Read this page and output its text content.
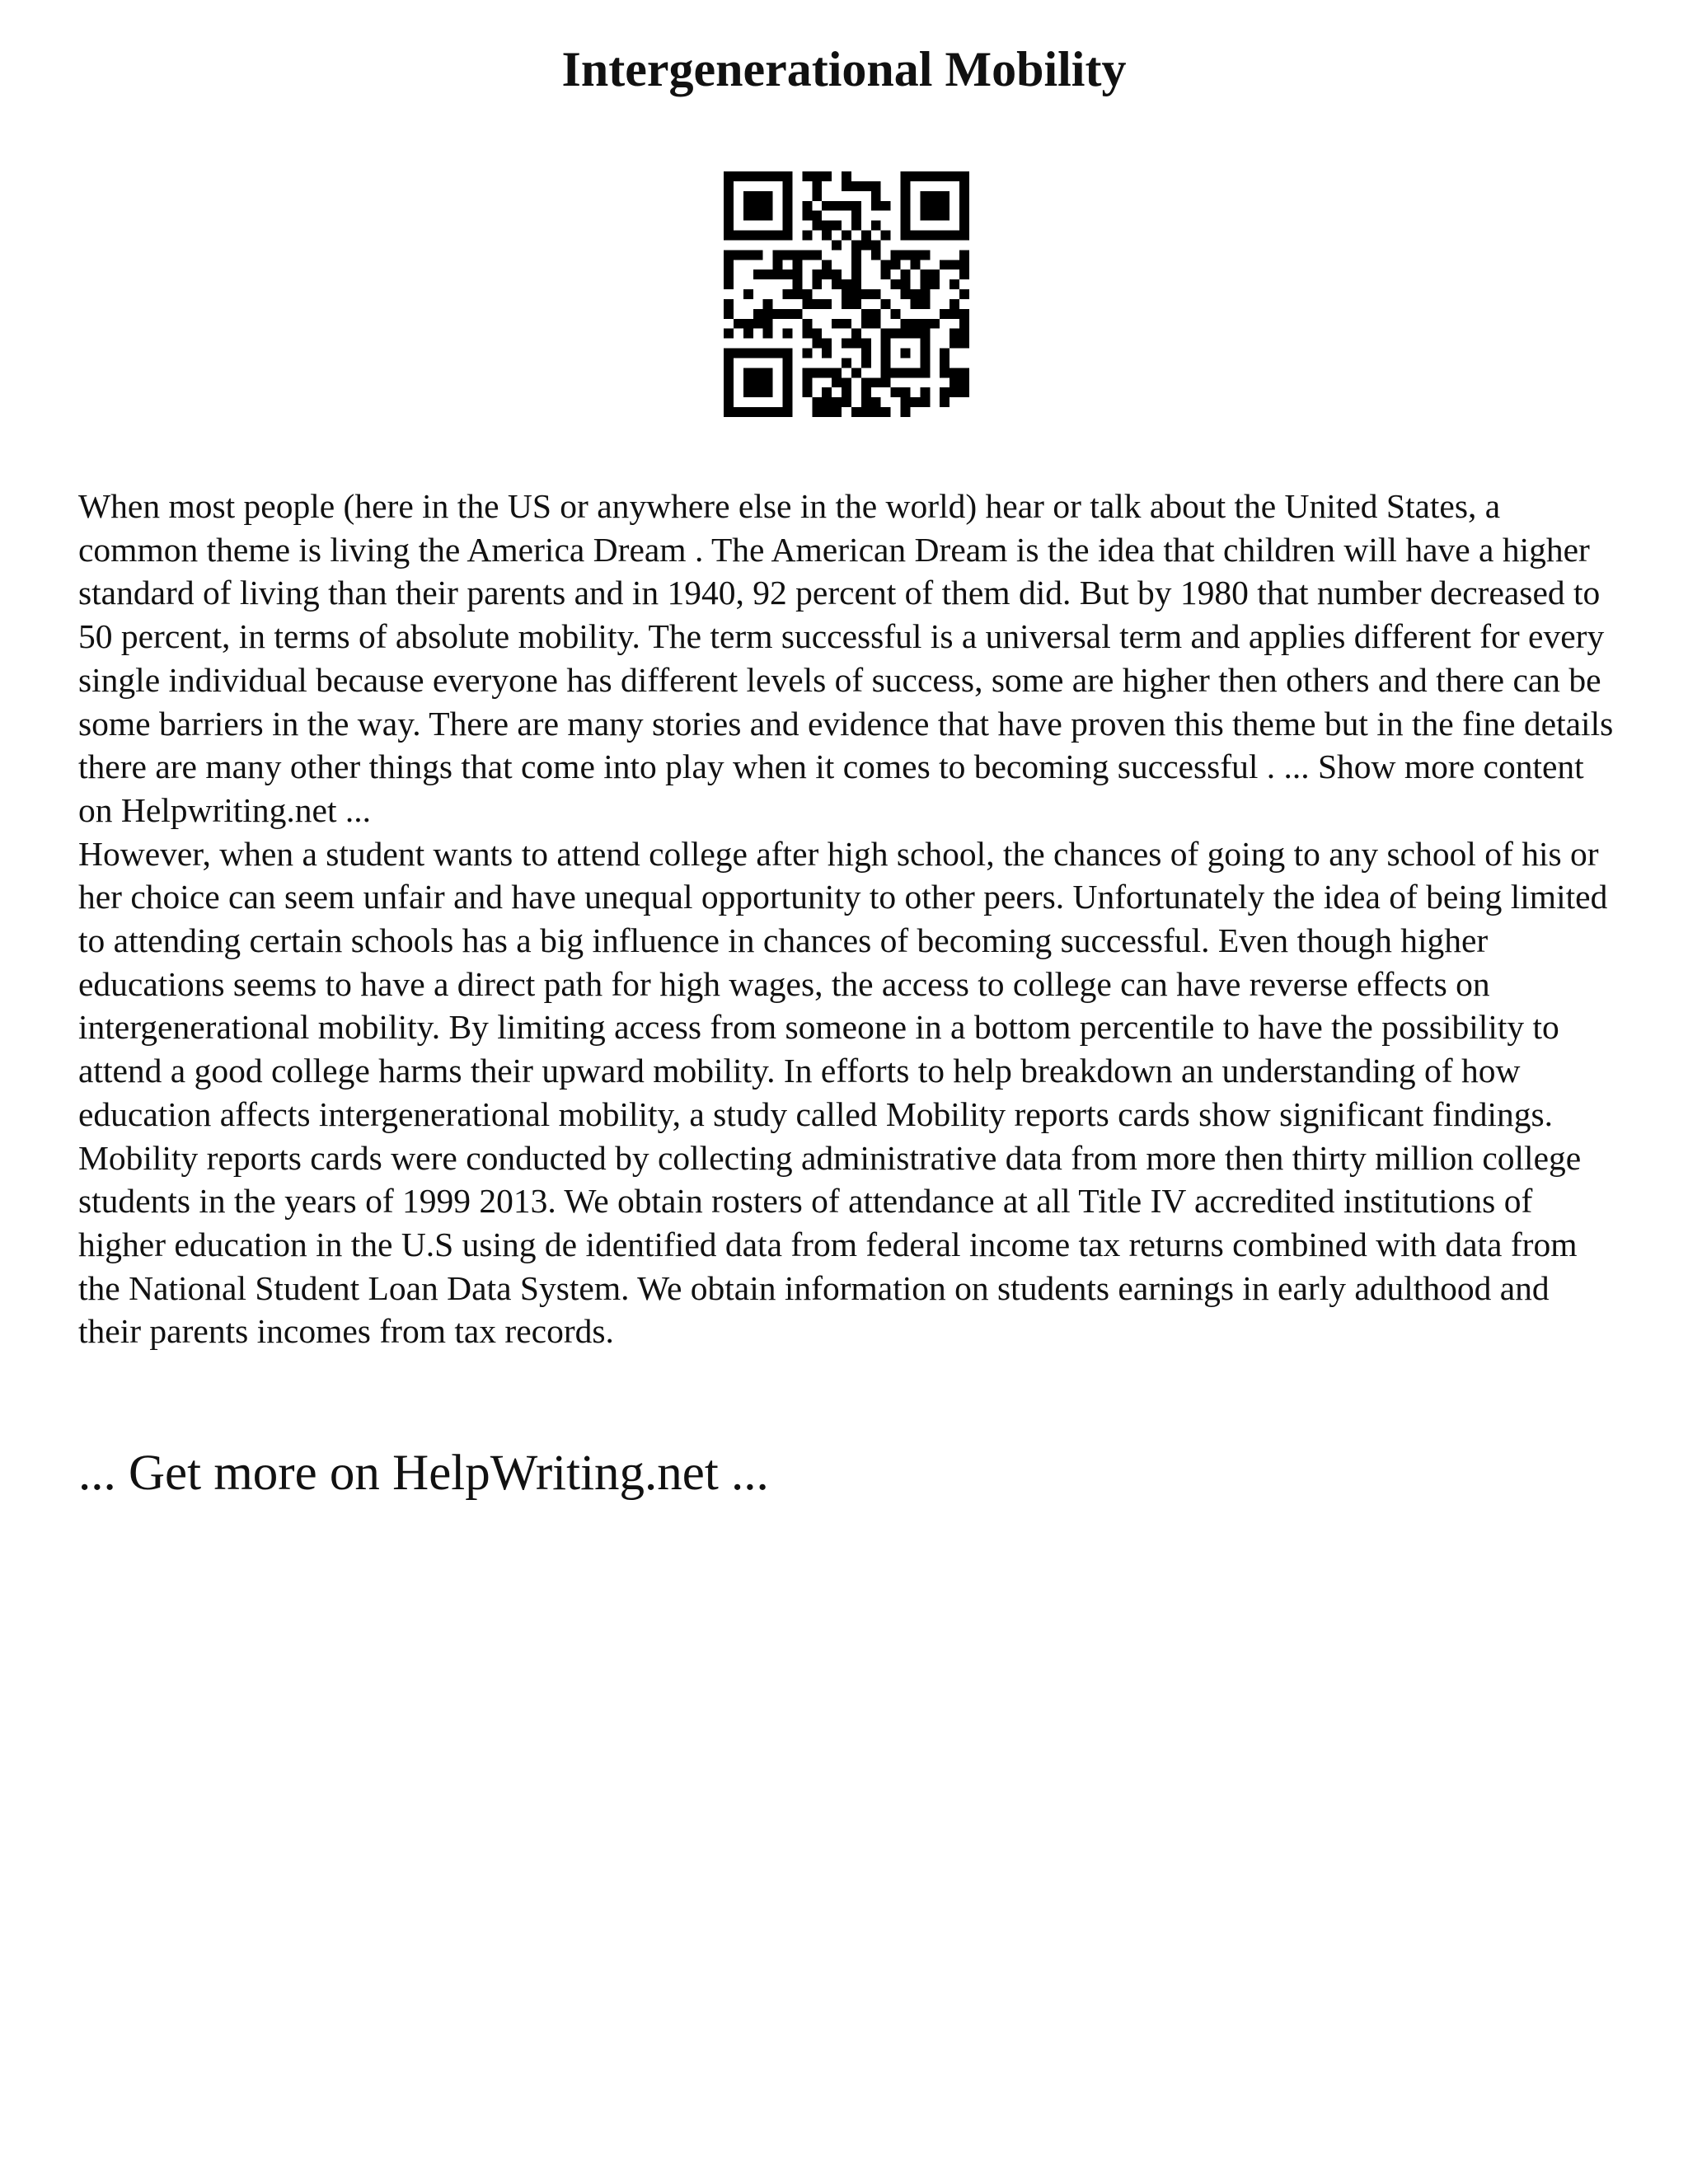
Intergenerational Mobility

When most people (here in the US or anywhere else in the world) hear or talk about the United States, a common theme is living the America Dream . The American Dream is the idea that children will have a higher standard of living than their parents and in 1940, 92 percent of them did. But by 1980 that number decreased to 50 percent, in terms of absolute mobility. The term successful is a universal term and applies different for every single individual because everyone has different levels of success, some are higher then others and there can be some barriers in the way. There are many stories and evidence that have proven this theme but in the fine details there are many other things that come into play when it comes to becoming successful . ... Show more content on Helpwriting.net ...

However, when a student wants to attend college after high school, the chances of going to any school of his or her choice can seem unfair and have unequal opportunity to other peers. Unfortunately the idea of being limited to attending certain schools has a big influence in chances of becoming successful. Even though higher educations seems to have a direct path for high wages, the access to college can have reverse effects on intergenerational mobility. By limiting access from someone in a bottom percentile to have the possibility to attend a good college harms their upward mobility. In efforts to help breakdown an understanding of how education affects intergenerational mobility, a study called Mobility reports cards show significant findings. Mobility reports cards were conducted by collecting administrative data from more then thirty million college students in the years of 1999 2013. We obtain rosters of attendance at all Title IV accredited institutions of higher education in the U.S using de identified data from federal income tax returns combined with data from the National Student Loan Data System. We obtain information on students earnings in early adulthood and their parents incomes from tax records.

... Get more on HelpWriting.net ...
